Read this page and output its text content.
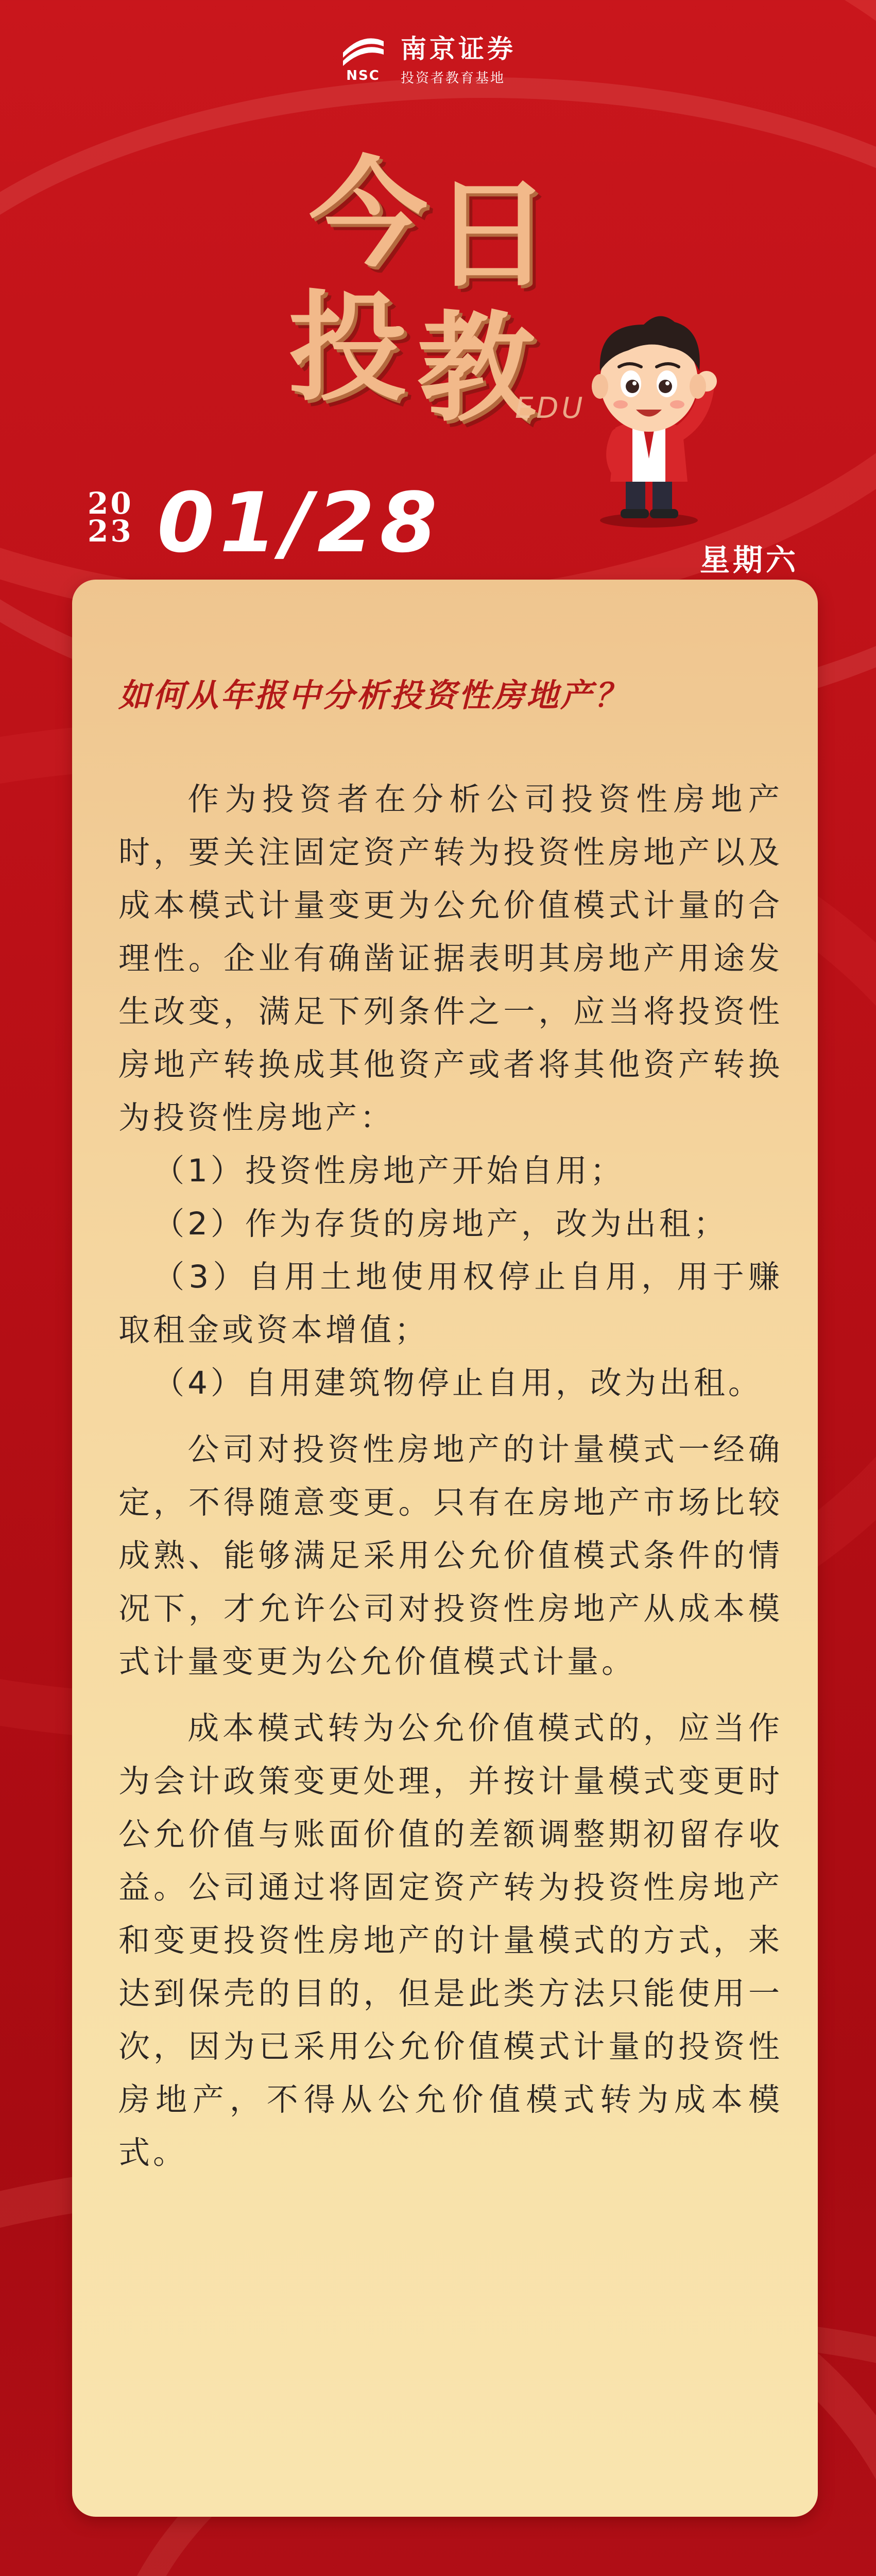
NSC
南京证券
投资者教育基地
今 日
投 教
EDU
20
23 01/28	星期六
如何从年报中分析投资性房地产？

作为投资者在分析公司投资性房地产时，要关注固定资产转为投资性房地产以及成本模式计量变更为公允价值模式计量的合理性。企业有确凿证据表明其房地产用途发生改变，满足下列条件之一，应当将投资性房地产转换成其他资产或者将其他资产转换为投资性房地产：

（1）投资性房地产开始自用；

（2）作为存货的房地产，改为出租；

（3）自用土地使用权停止自用，用于赚取租金或资本增值；

（4）自用建筑物停止自用，改为出租。

公司对投资性房地产的计量模式一经确定，不得随意变更。只有在房地产市场比较成熟、能够满足采用公允价值模式条件的情况下，才允许公司对投资性房地产从成本模式计量变更为公允价值模式计量。

成本模式转为公允价值模式的，应当作为会计政策变更处理，并按计量模式变更时公允价值与账面价值的差额调整期初留存收益。公司通过将固定资产转为投资性房地产和变更投资性房地产的计量模式的方式，来达到保壳的目的，但是此类方法只能使用一次，因为已采用公允价值模式计量的投资性房地产，不得从公允价值模式转为成本模式。
